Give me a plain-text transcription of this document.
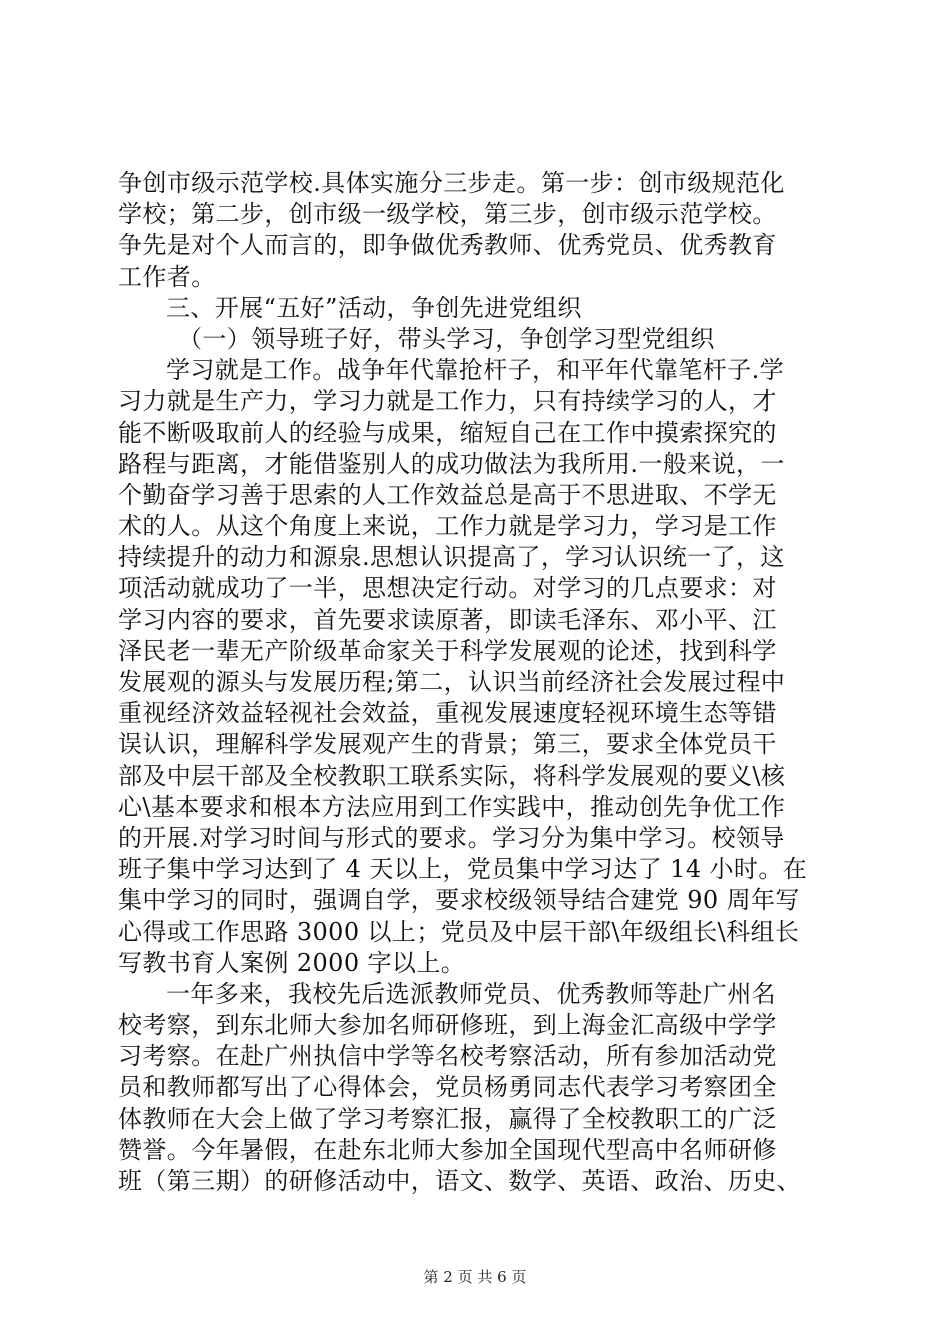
争创市级示范学校.具体实施分三步走。第一步：创市级规范化
学校；第二步，创市级一级学校，第三步，创市级示范学校。
争先是对个人而言的，即争做优秀教师、优秀党员、优秀教育
工作者。
三、开展“五好”活动，争创先进党组织
（一）领导班子好，带头学习，争创学习型党组织
学习就是工作。战争年代靠抢杆子，和平年代靠笔杆子.学
习力就是生产力，学习力就是工作力，只有持续学习的人，才
能不断吸取前人的经验与成果，缩短自己在工作中摸索探究的
路程与距离，才能借鉴别人的成功做法为我所用.一般来说，一
个勤奋学习善于思索的人工作效益总是高于不思进取、不学无
术的人。从这个角度上来说，工作力就是学习力，学习是工作
持续提升的动力和源泉.思想认识提高了，学习认识统一了，这
项活动就成功了一半，思想决定行动。对学习的几点要求：对
学习内容的要求，首先要求读原著，即读毛泽东、邓小平、江
泽民老一辈无产阶级革命家关于科学发展观的论述，找到科学
发展观的源头与发展历程;第二，认识当前经济社会发展过程中
重视经济效益轻视社会效益，重视发展速度轻视环境生态等错
误认识，理解科学发展观产生的背景；第三，要求全体党员干
部及中层干部及全校教职工联系实际，将科学发展观的要义\核
心\基本要求和根本方法应用到工作实践中，推动创先争优工作
的开展.对学习时间与形式的要求。学习分为集中学习。校领导
班子集中学习达到了 4 天以上，党员集中学习达了 14 小时。在
集中学习的同时，强调自学，要求校级领导结合建党 90 周年写
心得或工作思路 3000 以上；党员及中层干部\年级组长\科组长
写教书育人案例 2000 字以上。
一年多来，我校先后选派教师党员、优秀教师等赴广州名
校考察，到东北师大参加名师研修班，到上海金汇高级中学学
习考察。在赴广州执信中学等名校考察活动，所有参加活动党
员和教师都写出了心得体会，党员杨勇同志代表学习考察团全
体教师在大会上做了学习考察汇报，赢得了全校教职工的广泛
赞誉。今年暑假，在赴东北师大参加全国现代型高中名师研修
班（第三期）的研修活动中，语文、数学、英语、政治、历史、
第 2 页 共 6 页
